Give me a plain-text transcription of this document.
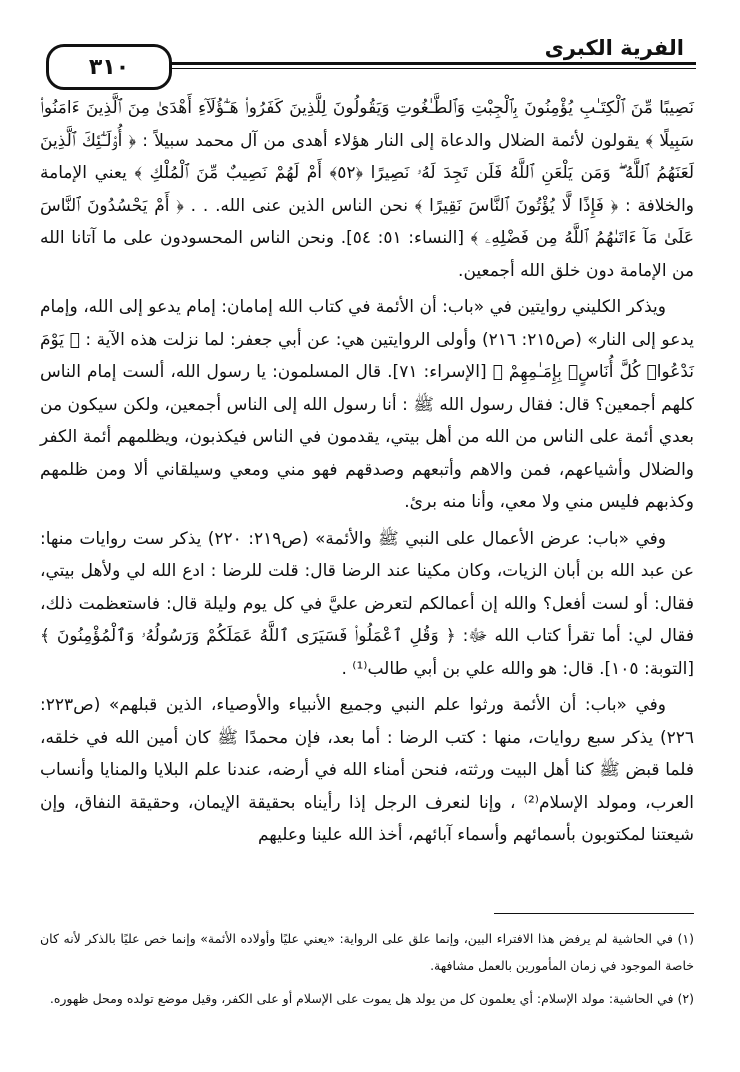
الفرية الكبرى
٣١٠

نَصِيبًا مِّنَ ٱلْكِتَـٰبِ يُؤْمِنُونَ بِٱلْجِبْتِ وَٱلطَّـٰغُوتِ وَيَقُولُونَ لِلَّذِينَ كَفَرُوا۟ هَـٰٓؤُلَآءِ أَهْدَىٰ مِنَ ٱلَّذِينَ ءَامَنُوا۟ سَبِيلًا ﴾ يقولون لأئمة الضلال والدعاة إلى النار هؤلاء أهدى من آل محمد سبيلاً : ﴿ أُو۟لَـٰٓئِكَ ٱلَّذِينَ لَعَنَهُمُ ٱللَّهُ ۖ وَمَن يَلْعَنِ ٱللَّهُ فَلَن تَجِدَ لَهُۥ نَصِيرًا ﴿٥٢﴾ أَمْ لَهُمْ نَصِيبٌ مِّنَ ٱلْمُلْكِ ﴾ يعني الإمامة والخلافة : ﴿ فَإِذًا لَّا يُؤْتُونَ ٱلنَّاسَ نَقِيرًا ﴾ نحن الناس الذين عنى الله. . . ﴿ أَمْ يَحْسُدُونَ ٱلنَّاسَ عَلَىٰ مَآ ءَاتَىٰهُمُ ٱللَّهُ مِن فَضْلِهِۦ ﴾ [النساء: ٥١: ٥٤]. ونحن الناس المحسودون على ما آتانا الله من الإمامة دون خلق الله أجمعين.

ويذكر الكليني روايتين في «باب: أن الأئمة في كتاب الله إمامان: إمام يدعو إلى الله، وإمام يدعو إلى النار» (ص٢١٥: ٢١٦) وأولى الروايتين هي: عن أبي جعفر: لما نزلت هذه الآية : ﴿ يَوْمَ نَدْعُوا۟ كُلَّ أُنَاسٍۭ بِإِمَـٰمِهِمْ ﴾ [الإسراء: ٧١]. قال المسلمون: يا رسول الله، ألست إمام الناس كلهم أجمعين؟ قال: فقال رسول الله ﷺ : أنا رسول الله إلى الناس أجمعين، ولكن سيكون من بعدي أئمة على الناس من الله من أهل بيتي، يقدمون في الناس فيكذبون، ويظلمهم أئمة الكفر والضلال وأشياعهم، فمن والاهم وأتبعهم وصدقهم فهو مني ومعي وسيلقاني ألا ومن ظلمهم وكذبهم فليس مني ولا معي، وأنا منه برئ.

وفي «باب: عرض الأعمال على النبي ﷺ والأئمة» (ص٢١٩: ٢٢٠) يذكر ست روايات منها: عن عبد الله بن أبان الزيات، وكان مكينا عند الرضا قال: قلت للرضا : ادع الله لي ولأهل بيتي، فقال: أو لست أفعل؟ والله إن أعمالكم لتعرض عليَّ في كل يوم وليلة قال: فاستعظمت ذلك، فقال لي: أما تقرأ كتاب الله ﷻ: ﴿ وَقُلِ ٱعْمَلُوا۟ فَسَيَرَى ٱللَّهُ عَمَلَكُمْ وَرَسُولُهُۥ وَٱلْمُؤْمِنُونَ ﴾ [التوبة: ١٠٥]. قال: هو والله علي بن أبي طالب⁽¹⁾ .

وفي «باب: أن الأئمة ورثوا علم النبي وجميع الأنبياء والأوصياء، الذين قبلهم» (ص٢٢٣: ٢٢٦) يذكر سبع روايات، منها : كتب الرضا : أما بعد، فإن محمدًا ﷺ كان أمين الله في خلقه، فلما قبض ﷺ كنا أهل البيت ورثته، فنحن أمناء الله في أرضه، عندنا علم البلايا والمنايا وأنساب العرب، ومولد الإسلام⁽²⁾ ، وإنا لنعرف الرجل إذا رأيناه بحقيقة الإيمان، وحقيقة النفاق، وإن شيعتنا لمكتوبون بأسمائهم وأسماء آبائهم، أخذ الله علينا وعليهم

(١) في الحاشية لم يرفض هذا الافتراء البين، وإنما علق على الرواية: «يعني عليًا وأولاده الأئمة» وإنما خص عليًا بالذكر لأنه كان خاصة الموجود في زمان المأمورين بالعمل مشافهة.

(٢) في الحاشية: مولد الإسلام: أي يعلمون كل من يولد هل يموت على الإسلام أو على الكفر، وقيل موضع تولده ومحل ظهوره.
